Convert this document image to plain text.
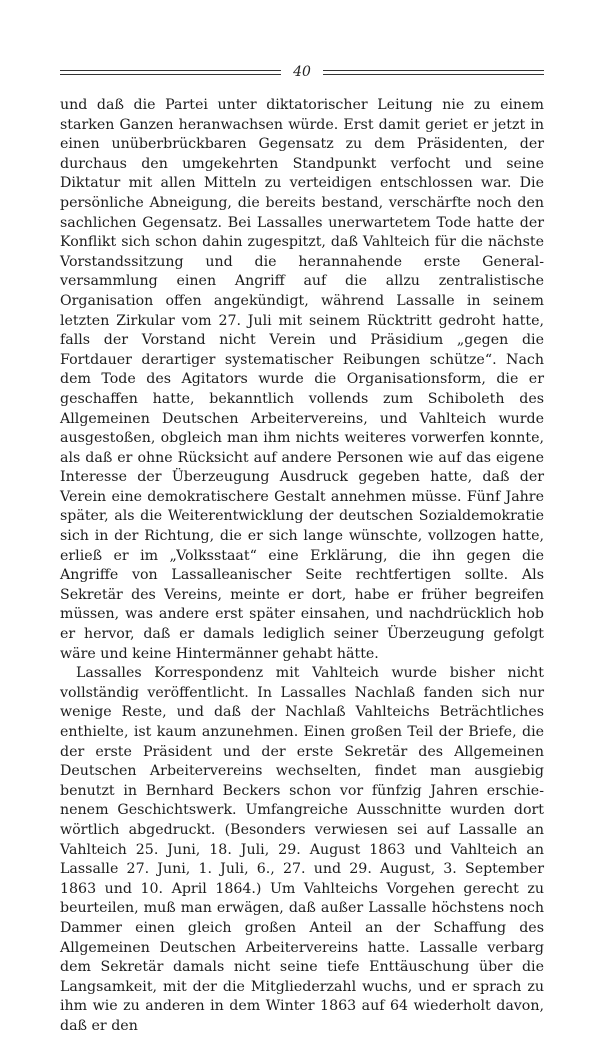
40

und daß die Partei unter diktatorischer Leitung nie zu einem starken Ganzen heranwachsen würde. Erst damit geriet er jetzt in einen unüberbrückbaren Gegensatz zu dem Präsidenten, der durchaus den umgekehrten Standpunkt verfocht und seine Diktatur mit allen Mitteln zu verteidigen entschlossen war. Die persönliche Abneigung, die bereits bestand, verschärfte noch den sachlichen Gegensatz. Bei Lassalles unerwartetem Tode hatte der Konflikt sich schon dahin zugespitzt, daß Vahlteich für die nächste Vorstandssitzung und die herannahende erste Generalversammlung einen Angriff auf die allzu zentralistische Organisation offen angekündigt, während Lassalle in seinem letzten Zirkular vom 27. Juli mit seinem Rücktritt gedroht hatte, falls der Vorstand nicht Verein und Präsidium „gegen die Fortdauer derartiger systematischer Reibungen schütze“. Nach dem Tode des Agitators wurde die Organisationsform, die er geschaffen hatte, bekanntlich vollends zum Schiboleth des Allgemeinen Deutschen Arbeitervereins, und Vahlteich wurde ausgestoßen, obgleich man ihm nichts weiteres vorwerfen konnte, als daß er ohne Rücksicht auf andere Personen wie auf das eigene Interesse der Überzeugung Ausdruck gegeben hatte, daß der Verein eine demokratischere Gestalt annehmen müsse. Fünf Jahre später, als die Weiterentwicklung der deutschen Sozialdemokratie sich in der Richtung, die er sich lange wünschte, vollzogen hatte, erließ er im „Volksstaat“ eine Erklärung, die ihn gegen die Angriffe von Lassalleanischer Seite rechtfertigen sollte. Als Sekretär des Vereins, meinte er dort, habe er früher begreifen müssen, was andere erst später einsahen, und nachdrücklich hob er hervor, daß er damals lediglich seiner Überzeugung gefolgt wäre und keine Hintermänner gehabt hätte.

Lassalles Korrespondenz mit Vahlteich wurde bisher nicht vollständig veröffentlicht. In Lassalles Nachlaß fanden sich nur wenige Reste, und daß der Nachlaß Vahlteichs Beträchtliches enthielte, ist kaum anzunehmen. Einen großen Teil der Briefe, die der erste Präsident und der erste Sekretär des Allgemeinen Deutschen Arbeitervereins wechselten, findet man ausgiebig benutzt in Bernhard Beckers schon vor fünfzig Jahren erschienenem Geschichtswerk. Umfangreiche Ausschnitte wurden dort wörtlich abgedruckt. (Besonders verwiesen sei auf Lassalle an Vahlteich 25. Juni, 18. Juli, 29. August 1863 und Vahlteich an Lassalle 27. Juni, 1. Juli, 6., 27. und 29. August, 3. September 1863 und 10. April 1864.) Um Vahlteichs Vorgehen gerecht zu beurteilen, muß man erwägen, daß außer Lassalle höchstens noch Dammer einen gleich großen Anteil an der Schaffung des Allgemeinen Deutschen Arbeitervereins hatte. Lassalle verbarg dem Sekretär damals nicht seine tiefe Enttäuschung über die Langsamkeit, mit der die Mitgliederzahl wuchs, und er sprach zu ihm wie zu anderen in dem Winter 1863 auf 64 wiederholt davon, daß er den
